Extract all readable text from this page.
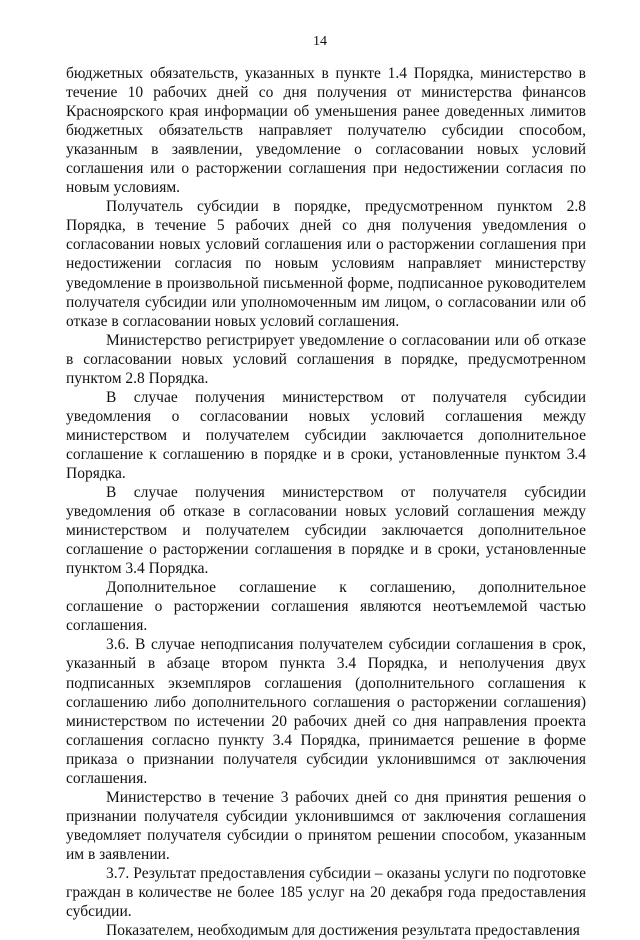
14

бюджетных обязательств, указанных в пункте 1.4 Порядка, министерство в течение 10 рабочих дней со дня получения от министерства финансов Красноярского края информации об уменьшения ранее доведенных лимитов бюджетных обязательств направляет получателю субсидии способом, указанным в заявлении, уведомление о согласовании новых условий соглашения или о расторжении соглашения при недостижении согласия по новым условиям.

Получатель субсидии в порядке, предусмотренном пунктом 2.8 Порядка, в течение 5 рабочих дней со дня получения уведомления о согласовании новых условий соглашения или о расторжении соглашения при недостижении согласия по новым условиям направляет министерству уведомление в произвольной письменной форме, подписанное руководителем получателя субсидии или уполномоченным им лицом, о согласовании или об отказе в согласовании новых условий соглашения.

Министерство регистрирует уведомление о согласовании или об отказе в согласовании новых условий соглашения в порядке, предусмотренном пунктом 2.8 Порядка.

В случае получения министерством от получателя субсидии уведомления о согласовании новых условий соглашения между министерством и получателем субсидии заключается дополнительное соглашение к соглашению в порядке и в сроки, установленные пунктом 3.4 Порядка.

В случае получения министерством от получателя субсидии уведомления об отказе в согласовании новых условий соглашения между министерством и получателем субсидии заключается дополнительное соглашение о расторжении соглашения в порядке и в сроки, установленные пунктом 3.4 Порядка.

Дополнительное соглашение к соглашению, дополнительное соглашение о расторжении соглашения являются неотъемлемой частью соглашения.

3.6. В случае неподписания получателем субсидии соглашения в срок, указанный в абзаце втором пункта 3.4 Порядка, и неполучения двух подписанных экземпляров соглашения (дополнительного соглашения к соглашению либо дополнительного соглашения о расторжении соглашения) министерством по истечении 20 рабочих дней со дня направления проекта соглашения согласно пункту 3.4 Порядка, принимается решение в форме приказа о признании получателя субсидии уклонившимся от заключения соглашения.

Министерство в течение 3 рабочих дней со дня принятия решения о признании получателя субсидии уклонившимся от заключения соглашения уведомляет получателя субсидии о принятом решении способом, указанным им в заявлении.

3.7. Результат предоставления субсидии – оказаны услуги по подготовке граждан в количестве не более 185 услуг на 20 декабря года предоставления субсидии.

Показателем, необходимым для достижения результата предоставления
